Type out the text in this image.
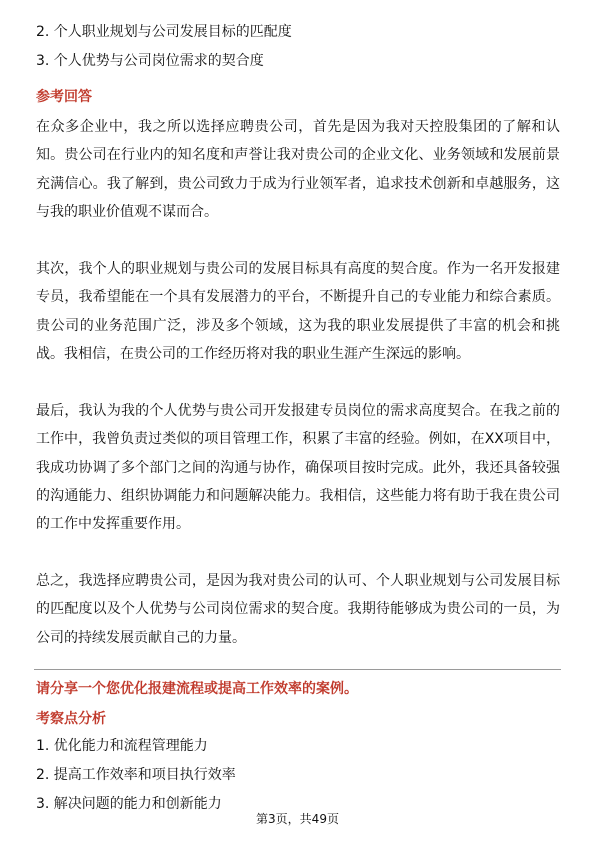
2. 个人职业规划与公司发展目标的匹配度
3. 个人优势与公司岗位需求的契合度
参考回答
在众多企业中，我之所以选择应聘贵公司，首先是因为我对天控股集团的了解和认知。贵公司在行业内的知名度和声誉让我对贵公司的企业文化、业务领域和发展前景充满信心。我了解到，贵公司致力于成为行业领军者，追求技术创新和卓越服务，这与我的职业价值观不谋而合。
其次，我个人的职业规划与贵公司的发展目标具有高度的契合度。作为一名开发报建专员，我希望能在一个具有发展潜力的平台，不断提升自己的专业能力和综合素质。贵公司的业务范围广泛，涉及多个领域，这为我的职业发展提供了丰富的机会和挑战。我相信，在贵公司的工作经历将对我的职业生涯产生深远的影响。
最后，我认为我的个人优势与贵公司开发报建专员岗位的需求高度契合。在我之前的工作中，我曾负责过类似的项目管理工作，积累了丰富的经验。例如，在XX项目中，我成功协调了多个部门之间的沟通与协作，确保项目按时完成。此外，我还具备较强的沟通能力、组织协调能力和问题解决能力。我相信，这些能力将有助于我在贵公司的工作中发挥重要作用。
总之，我选择应聘贵公司，是因为我对贵公司的认可、个人职业规划与公司发展目标的匹配度以及个人优势与公司岗位需求的契合度。我期待能够成为贵公司的一员，为公司的持续发展贡献自己的力量。
请分享一个您优化报建流程或提高工作效率的案例。
考察点分析
1. 优化能力和流程管理能力
2. 提高工作效率和项目执行效率
3. 解决问题的能力和创新能力
第3页，共49页
